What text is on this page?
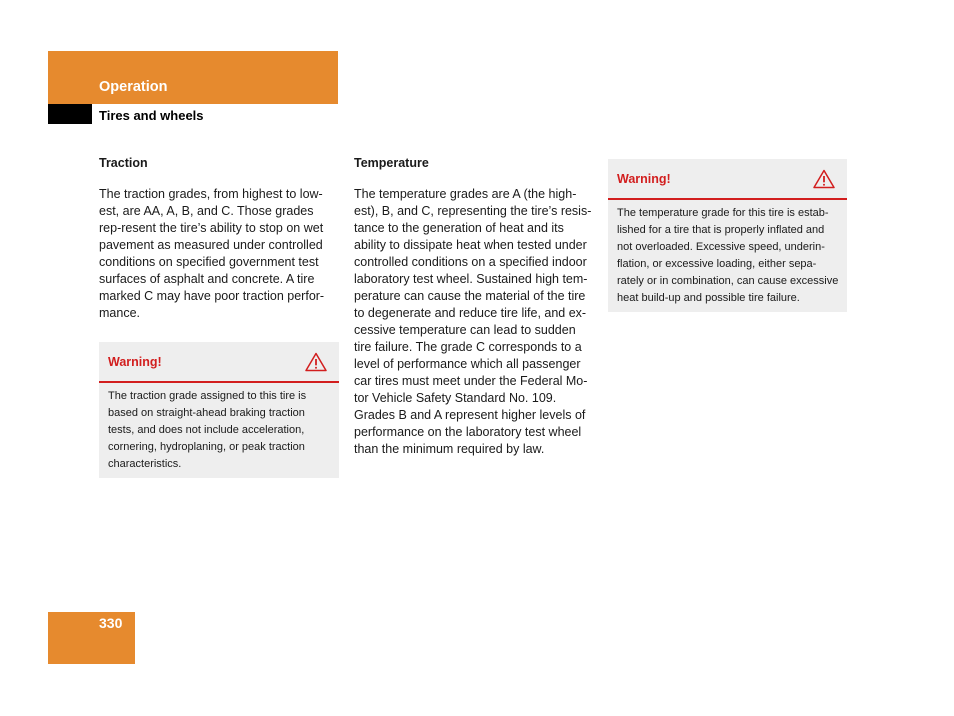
Operation
Tires and wheels
Traction

The traction grades, from highest to low-est, are AA, A, B, and C. Those grades rep-resent the tire’s ability to stop on wet pavement as measured under controlled conditions on specified government test surfaces of asphalt and concrete. A tire marked C may have poor traction perfor-mance.

Warning!

The traction grade assigned to this tire is based on straight-ahead braking traction tests, and does not include acceleration, cornering, hydroplaning, or peak traction characteristics.

Temperature

The temperature grades are A (the high-est), B, and C, representing the tire’s resis-tance to the generation of heat and its ability to dissipate heat when tested under controlled conditions on a specified indoor laboratory test wheel. Sustained high tem-perature can cause the material of the tire to degenerate and reduce tire life, and ex-cessive temperature can lead to sudden tire failure. The grade C corresponds to a level of performance which all passenger car tires must meet under the Federal Mo-tor Vehicle Safety Standard No. 109. Grades B and A represent higher levels of performance on the laboratory test wheel than the minimum required by law.

Warning!

The temperature grade for this tire is estab-lished for a tire that is properly inflated and not overloaded. Excessive speed, underin-flation, or excessive loading, either sepa-rately or in combination, can cause excessive heat build-up and possible tire failure.

330
